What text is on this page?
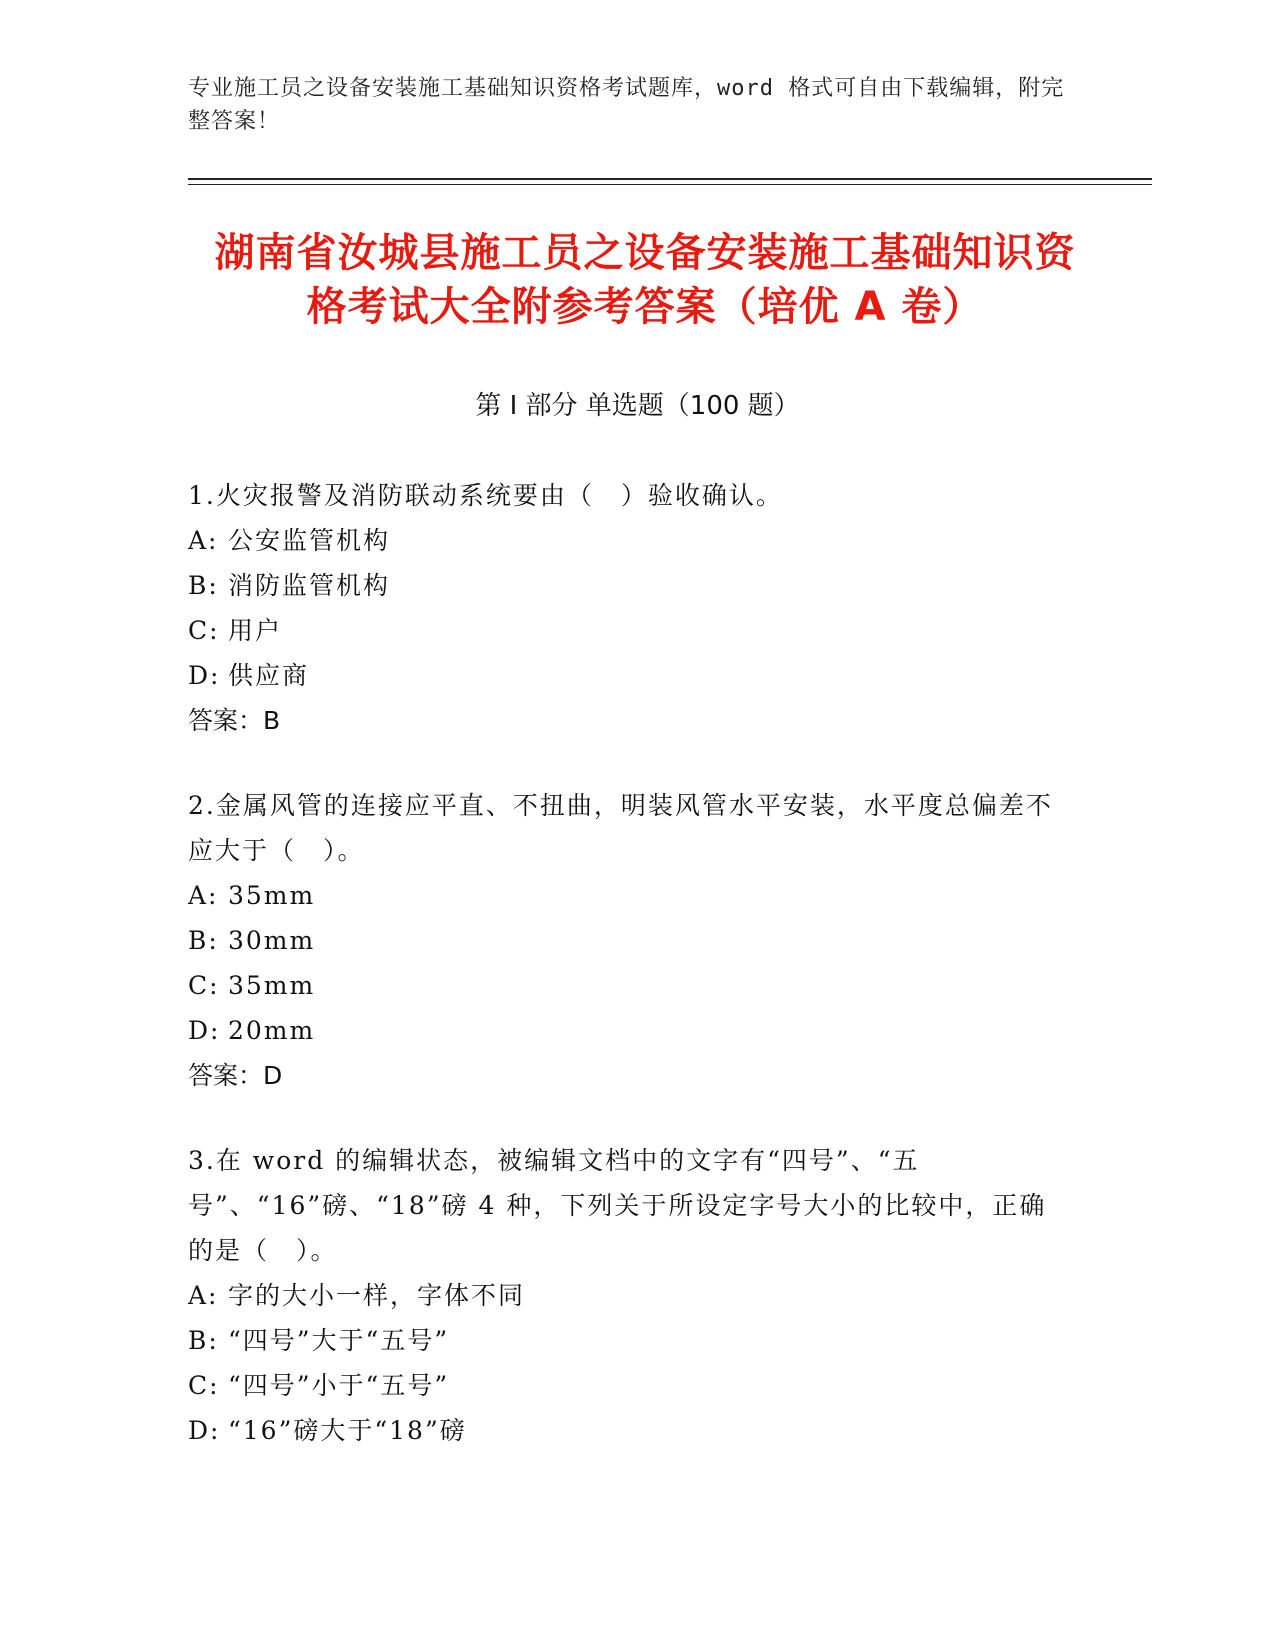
专业施工员之设备安装施工基础知识资格考试题库，word 格式可自由下载编辑，附完整答案！
湖南省汝城县施工员之设备安装施工基础知识资格考试大全附参考答案（培优 A 卷）
第 I 部分 单选题（100 题）
1.火灾报警及消防联动系统要由（　）验收确认。
A: 公安监管机构
B: 消防监管机构
C: 用户
D: 供应商
答案：B
2.金属风管的连接应平直、不扭曲，明装风管水平安装，水平度总偏差不应大于（　）。
A: 35mm
B: 30mm
C: 35mm
D: 20mm
答案：D
3.在 word 的编辑状态，被编辑文档中的文字有“四号”、“五号”、“16”磅、“18”磅 4 种，下列关于所设定字号大小的比较中，正确的是（　）。
A: 字的大小一样，字体不同
B: “四号”大于“五号”
C: “四号”小于“五号”
D: “16”磅大于“18”磅
